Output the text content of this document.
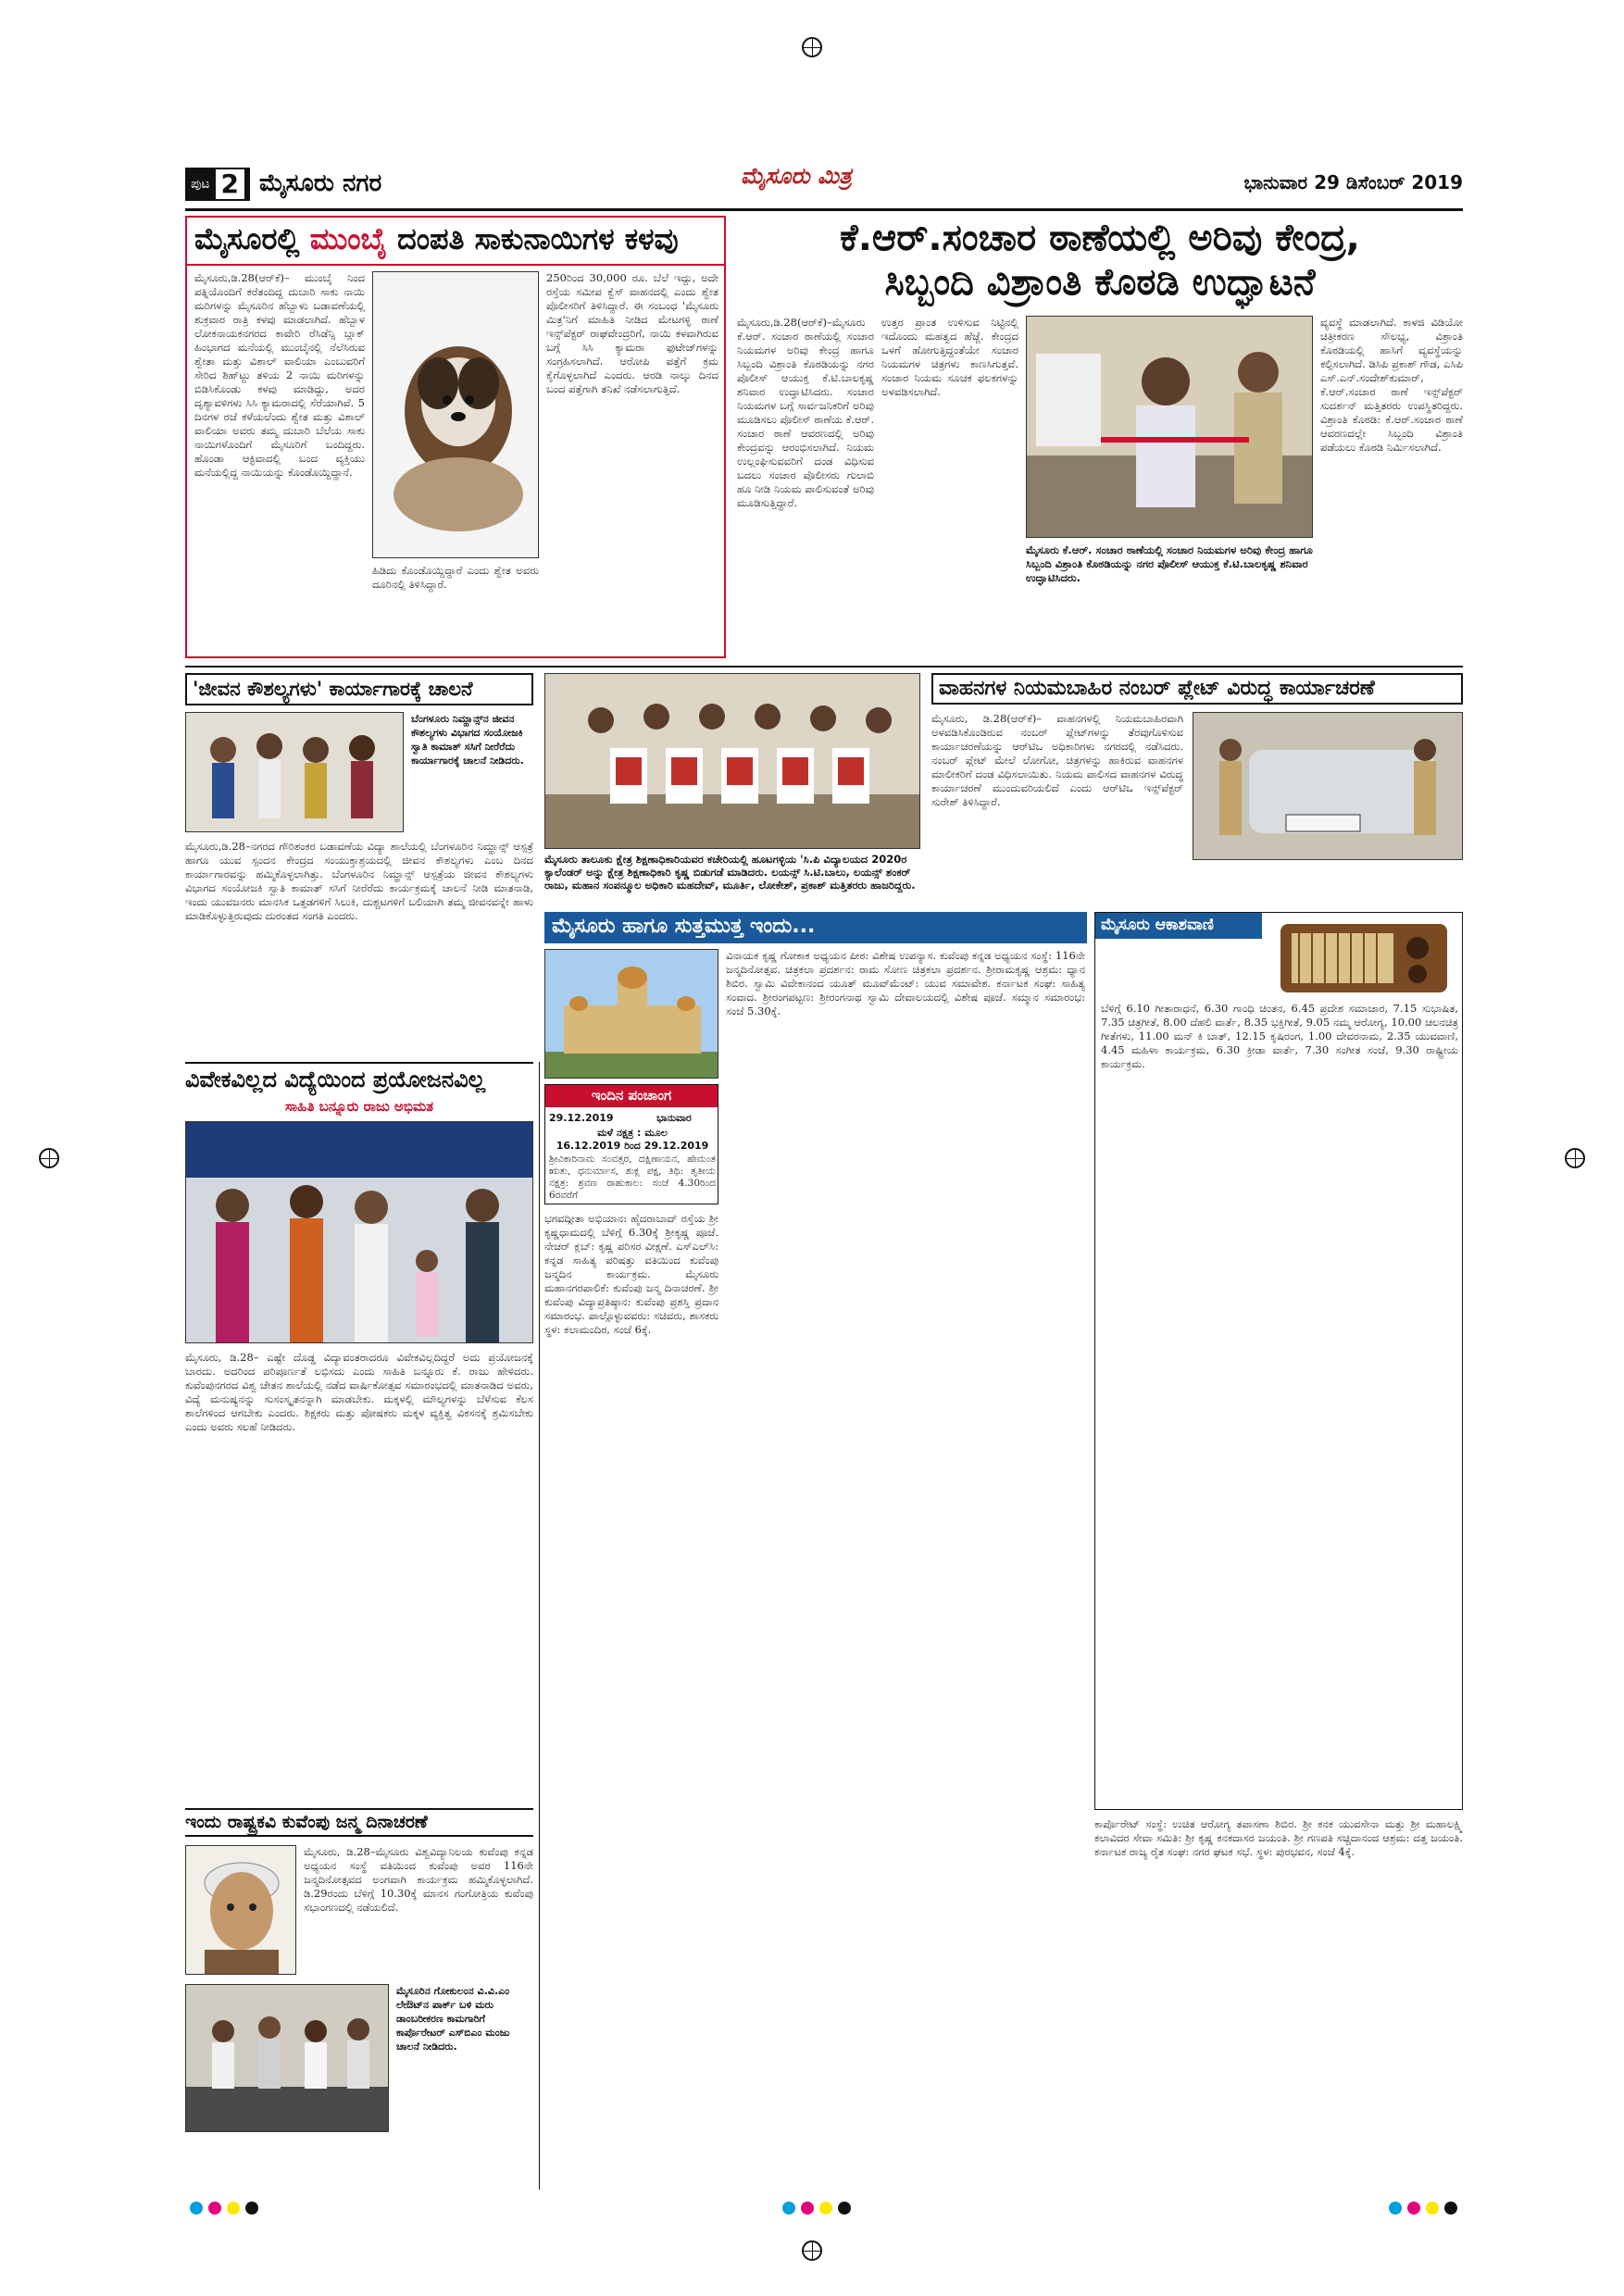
ಪುಟ 2 ಮೈಸೂರು ನಗರ	ಮೈಸೂರು ಮಿತ್ರ	ಭಾನುವಾರ 29 ಡಿಸೆಂಬರ್ 2019
ಮೈಸೂರಲ್ಲಿ ಮುಂಬೈ ದಂಪತಿ ಸಾಕುನಾಯಿಗಳ ಕಳವು
ಮೈಸೂರು,ಡಿ.28(ಆರ್‌ಕೆ)– ಮುಂಬೈ ನಿಂದ ಪತ್ನಿಯೊಂದಿಗೆ ಕರೆತಂದಿದ್ದ ದುಬಾರಿ ಸಾಕು ನಾಯಿ ಮರಿಗಳನ್ನು ಮೈಸೂರಿನ ಹೆಬ್ಬಾಳು ಬಡಾವಣೆಯಲ್ಲಿ ಶುಕ್ರವಾರ ರಾತ್ರಿ ಕಳವು ಮಾಡಲಾಗಿದೆ. ಹೆಬ್ಬಾಳ ಲೋಕನಾಯಕನಗರದ ಕಾವೇರಿ ರೆಸಿಡೆನ್ಸಿ ಬ್ಲಾಕ್ ಹಿಂಭಾಗದ ಮನೆಯಲ್ಲಿ ಮುಂಬೈನಲ್ಲಿ ನೆಲೆಸಿರುವ ಶ್ವೇತಾ ಮತ್ತು ವಿಶಾಲ್ ವಾಲಿಯಾ ಎಂಬುವರಿಗೆ ಸೇರಿದ ಶಿಹ್‌ಟ್ಜು ತಳಿಯ 2 ನಾಯಿ ಮರಿಗಳನ್ನು ಬಿಡಿಸಿಕೊಂಡು ಕಳವು ಮಾಡಿದ್ದು, ಅದರ ದೃಶ್ಯಾವಳಿಗಳು ಸಿಸಿ ಕ್ಯಾಮರಾದಲ್ಲಿ ಸೆರೆಯಾಗಿವೆ. 5 ದಿನಗಳ ರಜೆ ಕಳೆಯಲೆಂದು ಶ್ವೇತ ಮತ್ತು ವಿಶಾಲ್ ವಾಲಿಯಾ ಅವರು ತಮ್ಮ ದುಬಾರಿ ಬೆಲೆಯ ಸಾಕು ನಾಯಿಗಳೊಂದಿಗೆ ಮೈಸೂರಿಗೆ ಬಂದಿದ್ದರು. ಹೊಂಡಾ ಆಕ್ಟಿವಾದಲ್ಲಿ ಬಂದ ವ್ಯಕ್ತಿಯು ಮನೆಯಲ್ಲಿದ್ದ ನಾಯಿಯನ್ನು ಕೊಂಡೊಯ್ದಿದ್ದಾನೆ.
ಹಿಡಿದು ಕೊಂಡೊಯ್ದಿದ್ದಾರೆ ಎಂದು ಶ್ವೇತ ಅವರು ದೂರಿನಲ್ಲಿ ತಿಳಿಸಿದ್ದಾರೆ.
250ರಿಂದ 30,000 ರೂ. ಬೆಲೆ ಇದ್ದು, ಅದೇ ರಸ್ತೆಯ ಸಮೀಪ ಕ್ವೆಸ್ ವಾಹನದಲ್ಲಿ ಎಂದು ಶ್ವೇತ ಪೊಲೀಸರಿಗೆ ತಿಳಿಸಿದ್ದಾರೆ. ಈ ಸಂಬಂಧ 'ಮೈಸೂರು ಮಿತ್ರ'ನಿಗೆ ಮಾಹಿತಿ ನೀಡಿದ ಮೇಟಗಳ್ಳಿ ಠಾಣೆ ಇನ್ಸ್‌ಪೆಕ್ಟರ್ ರಾಘವೇಂದ್ರರಿಗೆ, ನಾಯಿ ಕಳವಾಗಿರುವ ಬಗ್ಗೆ ಸಿಸಿ ಕ್ಯಾಮರಾ ಫುಟೇಜ್‌ಗಳನ್ನು ಸಂಗ್ರಹಿಸಲಾಗಿದೆ. ಆರೋಪಿ ಪತ್ತೆಗೆ ಕ್ರಮ ಕೈಗೊಳ್ಳಲಾಗಿದೆ ಎಂದರು. ಆರಡಿ ನಾಲ್ಕು ದಿನದ ಬಂದ ಪತ್ತೆಗಾಗಿ ತನಿಖೆ ನಡೆಸಲಾಗುತ್ತಿದೆ.
ಕೆ.ಆರ್.ಸಂಚಾರ ಠಾಣೆಯಲ್ಲಿ ಅರಿವು ಕೇಂದ್ರ,
ಸಿಬ್ಬಂದಿ ವಿಶ್ರಾಂತಿ ಕೊಠಡಿ ಉದ್ಘಾಟನೆ
ಮೈಸೂರು,ಡಿ.28(ಆರ್‌ಕೆ)–ಮೈಸೂರು ಕೆ.ಆರ್. ಸಂಚಾರ ಠಾಣೆಯಲ್ಲಿ ಸಂಚಾರ ನಿಯಮಗಳ ಅರಿವು ಕೇಂದ್ರ ಹಾಗೂ ಸಿಬ್ಬಂದಿ ವಿಶ್ರಾಂತಿ ಕೊಠಡಿಯನ್ನು ನಗರ ಪೊಲೀಸ್ ಆಯುಕ್ತ ಕೆ.ಟಿ.ಬಾಲಕೃಷ್ಣ ಶನಿವಾರ ಉದ್ಘಾಟಿಸಿದರು. ಸಂಚಾರ ನಿಯಮಗಳ ಬಗ್ಗೆ ಸಾರ್ವಜನಿಕರಿಗೆ ಅರಿವು ಮೂಡಿಸಲು ಪೊಲೀಸ್ ಠಾಣೆಯ ಕೆ.ಆರ್. ಸಂಚಾರ ಠಾಣೆ ಆವರಣದಲ್ಲಿ ಅರಿವು ಕೇಂದ್ರವನ್ನು ಆರಂಭಿಸಲಾಗಿದೆ. ನಿಯಮ ಉಲ್ಲಂಘಿಸುವವರಿಗೆ ದಂಡ ವಿಧಿಸುವ ಬದಲು ಸಂಚಾರ ಪೊಲೀಸರು ಗುಲಾಬಿ ಹೂ ನೀಡಿ ನಿಯಮ ಪಾಲಿಸುವಂತೆ ಅರಿವು ಮೂಡಿಸುತ್ತಿದ್ದಾರೆ.
ಉತ್ತರ ಪ್ರಾಂತ ಉಳಿಸುವ ನಿಟ್ಟಿನಲ್ಲಿ ಇದೊಂದು ಮಹತ್ವದ ಹೆಜ್ಜೆ. ಕೇಂದ್ರದ ಒಳಗೆ ಹೋಗುತ್ತಿದ್ದಂತೆಯೇ ಸಂಚಾರ ನಿಯಮಗಳ ಚಿತ್ರಗಳು ಕಾಣಸಿಗುತ್ತವೆ. ಸಂಚಾರ ನಿಯಮ ಸೂಚಕ ಫಲಕಗಳನ್ನು ಅಳವಡಿಸಲಾಗಿದೆ.
ಮೈಸೂರು ಕೆ.ಆರ್. ಸಂಚಾರ ಠಾಣೆಯಲ್ಲಿ ಸಂಚಾರ ನಿಯಮಗಳ ಅರಿವು ಕೇಂದ್ರ ಹಾಗೂ ಸಿಬ್ಬಂದಿ ವಿಶ್ರಾಂತಿ ಕೊಠಡಿಯನ್ನು ನಗರ ಪೊಲೀಸ್ ಆಯುಕ್ತ ಕೆ.ಟಿ.ಬಾಲಕೃಷ್ಣ ಶನಿವಾರ ಉದ್ಘಾಟಿಸಿದರು.
ವ್ಯವಸ್ಥೆ ಮಾಡಲಾಗಿದೆ. ಕಾಳಜಿ ವಿಡಿಯೋ ಚಿತ್ರೀಕರಣ ಸೌಲಭ್ಯ, ವಿಶ್ರಾಂತಿ ಕೊಠಡಿಯಲ್ಲಿ ಹಾಸಿಗೆ ವ್ಯವಸ್ಥೆಯನ್ನು ಕಲ್ಪಿಸಲಾಗಿದೆ. ಡಿಸಿಪಿ ಪ್ರಕಾಶ್ ಗೌಡ, ಎಸಿಪಿ ಎಸ್.ಎನ್.ಸಂದೇಶ್‌ಕುಮಾರ್, ಕೆ.ಆರ್.ಸಂಚಾರ ಠಾಣೆ ಇನ್ಸ್‌ಪೆಕ್ಟರ್ ಸುದರ್ಶನ್ ಮತ್ತಿತರರು ಉಪಸ್ಥಿತರಿದ್ದರು. ವಿಶ್ರಾಂತಿ ಕೊಠಡಿ: ಕೆ.ಆರ್.ಸಂಚಾರ ಠಾಣೆ ಆವರಣದಲ್ಲೇ ಸಿಬ್ಬಂದಿ ವಿಶ್ರಾಂತಿ ಪಡೆಯಲು ಕೊಠಡಿ ನಿರ್ಮಿಸಲಾಗಿದೆ.
'ಜೀವನ ಕೌಶಲ್ಯಗಳು' ಕಾರ್ಯಾಗಾರಕ್ಕೆ ಚಾಲನೆ
ಬೆಂಗಳೂರು ನಿಮ್ಹಾನ್ಸ್‌ನ ಜೀವನ ಕೌಶಲ್ಯಗಳು ವಿಭಾಗದ ಸಂಯೋಜಕಿ ಸ್ವಾತಿ ಕಾಮಾತ್ ಸಸಿಗೆ ನೀರೆರೆದು ಕಾರ್ಯಾಗಾರಕ್ಕೆ ಚಾಲನೆ ನೀಡಿದರು.
ಮೈಸೂರು,ಡಿ.28–ನಗರದ ಗೌರಿಶಂಕರ ಬಡಾವಣೆಯ ವಿದ್ಯಾ ಶಾಲೆಯಲ್ಲಿ ಬೆಂಗಳೂರಿನ ನಿಮ್ಹಾನ್ಸ್ ಆಸ್ಪತ್ರೆ ಹಾಗೂ ಯುವ ಸ್ಪಂದನ ಕೇಂದ್ರದ ಸಂಯುಕ್ತಾಶ್ರಯದಲ್ಲಿ ಜೀವನ ಕೌಶಲ್ಯಗಳು ಎಂಬ ದಿನದ ಕಾರ್ಯಾಗಾರವನ್ನು ಹಮ್ಮಿಕೊಳ್ಳಲಾಗಿತ್ತು. ಬೆಂಗಳೂರಿನ ನಿಮ್ಹಾನ್ಸ್ ಆಸ್ಪತ್ರೆಯ ಜೀವನ ಕೌಶಲ್ಯಗಳು ವಿಭಾಗದ ಸಂಯೋಜಕಿ ಸ್ವಾತಿ ಕಾಮಾತ್ ಸಸಿಗೆ ನೀರೆರೆದು ಕಾರ್ಯಕ್ರಮಕ್ಕೆ ಚಾಲನೆ ನೀಡಿ ಮಾತನಾಡಿ, ಇಂದು ಯುವಜನರು ಮಾನಸಿಕ ಒತ್ತಡಗಳಿಗೆ ಸಿಲುಕಿ, ದುಶ್ಚಟಗಳಿಗೆ ಬಲಿಯಾಗಿ ತಮ್ಮ ಜೀವನವನ್ನೇ ಹಾಳು ಮಾಡಿಕೊಳ್ಳುತ್ತಿರುವುದು ದುರಂತದ ಸಂಗತಿ ಎಂದರು.
ಮೈಸೂರು ತಾಲೂಕು ಕ್ಷೇತ್ರ ಶಿಕ್ಷಣಾಧಿಕಾರಿಯವರ ಕಚೇರಿಯಲ್ಲಿ ಹೂಟಗಳ್ಳಿಯ 'ಸಿ.ಪಿ ವಿದ್ಯಾಲಯದ 2020ರ ಕ್ಯಾಲೆಂಡರ್ ಅನ್ನು ಕ್ಷೇತ್ರ ಶಿಕ್ಷಣಾಧಿಕಾರಿ ಕೃಷ್ಣ ಬಿಡುಗಡೆ ಮಾಡಿದರು. ಲಯನ್ಸ್ ಸಿ.ಟಿ.ಬಾಲು, ಲಯನ್ಸ್ ಶಂಕರ್ ರಾಜು, ಮಹಾನ ಸಂಪನ್ಮೂಲ ಅಧಿಕಾರಿ ಮಹದೇವ್, ಮೂರ್ತಿ, ಲೋಕೇಶ್, ಪ್ರಕಾಶ್ ಮತ್ತಿತರರು ಹಾಜರಿದ್ದರು.
ವಾಹನಗಳ ನಿಯಮಬಾಹಿರ ನಂಬರ್ ಪ್ಲೇಟ್ ವಿರುದ್ಧ ಕಾರ್ಯಾಚರಣೆ
ಮೈಸೂರು, ಡಿ.28(ಆರ್‌ಕೆ)– ವಾಹನಗಳಲ್ಲಿ ನಿಯಮಬಾಹಿರವಾಗಿ ಅಳವಡಿಸಿಕೊಂಡಿರುವ ನಂಬರ್ ಪ್ಲೇಟ್‌ಗಳನ್ನು ತೆರವುಗೊಳಿಸುವ ಕಾರ್ಯಾಚರಣೆಯನ್ನು ಆರ್‌ಟಿಒ ಅಧಿಕಾರಿಗಳು ನಗರದಲ್ಲಿ ನಡೆಸಿದರು. ನಂಬರ್ ಪ್ಲೇಟ್ ಮೇಲೆ ಲೋಗೋ, ಚಿತ್ರಗಳನ್ನು ಹಾಕಿರುವ ವಾಹನಗಳ ಮಾಲೀಕರಿಗೆ ದಂಡ ವಿಧಿಸಲಾಯಿತು. ನಿಯಮ ಪಾಲಿಸದ ವಾಹನಗಳ ವಿರುದ್ಧ ಕಾರ್ಯಾಚರಣೆ ಮುಂದುವರಿಯಲಿದೆ ಎಂದು ಆರ್‌ಟಿಒ ಇನ್ಸ್‌ಪೆಕ್ಟರ್ ಸುರೇಶ್ ತಿಳಿಸಿದ್ದಾರೆ.
ವಿವೇಕವಿಲ್ಲದ ವಿದ್ಯೆಯಿಂದ ಪ್ರಯೋಜನವಿಲ್ಲ
ಸಾಹಿತಿ ಬನ್ನೂರು ರಾಜು ಅಭಿಮತ
ಮೈಸೂರು, ಡಿ.28– ಎಷ್ಟೇ ದೊಡ್ಡ ವಿದ್ಯಾವಂತರಾದರೂ ವಿವೇಕವಿಲ್ಲದಿದ್ದರೆ ಅದು ಪ್ರಯೋಜನಕ್ಕೆ ಬಾರದು. ಅದರಿಂದ ಪರಿಪೂರ್ಣತೆ ಲಭಿಸದು ಎಂದು ಸಾಹಿತಿ ಬನ್ನೂರು ಕೆ. ರಾಜು ಹೇಳಿದರು. ಕುವೆಂಪುನಗರದ ವಿಶ್ವ ಚೇತನ ಶಾಲೆಯಲ್ಲಿ ನಡೆದ ವಾರ್ಷಿಕೋತ್ಸವ ಸಮಾರಂಭದಲ್ಲಿ ಮಾತನಾಡಿದ ಅವರು, ವಿದ್ಯೆ ಮನುಷ್ಯನನ್ನು ಸುಸಂಸ್ಕೃತನನ್ನಾಗಿ ಮಾಡಬೇಕು. ಮಕ್ಕಳಲ್ಲಿ ಮೌಲ್ಯಗಳನ್ನು ಬೆಳೆಸುವ ಕೆಲಸ ಶಾಲೆಗಳಿಂದ ಆಗಬೇಕು ಎಂದರು. ಶಿಕ್ಷಕರು ಮತ್ತು ಪೋಷಕರು ಮಕ್ಕಳ ವ್ಯಕ್ತಿತ್ವ ವಿಕಸನಕ್ಕೆ ಶ್ರಮಿಸಬೇಕು ಎಂದು ಅವರು ಸಲಹೆ ನೀಡಿದರು.
ಇಂದು ರಾಷ್ಟ್ರಕವಿ ಕುವೆಂಪು ಜನ್ಮ ದಿನಾಚರಣೆ
ಮೈಸೂರು, ಡಿ.28–ಮೈಸೂರು ವಿಶ್ವವಿದ್ಯಾನಿಲಯ ಕುವೆಂಪು ಕನ್ನಡ ಅಧ್ಯಯನ ಸಂಸ್ಥೆ ವತಿಯಿಂದ ಕುವೆಂಪು ಅವರ 116ನೇ ಜನ್ಮದಿನೋತ್ಸವದ ಅಂಗವಾಗಿ ಕಾರ್ಯಕ್ರಮ ಹಮ್ಮಿಕೊಳ್ಳಲಾಗಿದೆ. ಡಿ.29ರಂದು ಬೆಳಿಗ್ಗೆ 10.30ಕ್ಕೆ ಮಾನಸ ಗಂಗೋತ್ರಿಯ ಕುವೆಂಪು ಸಭಾಂಗಣದಲ್ಲಿ ನಡೆಯಲಿದೆ.
ಮೈಸೂರಿನ ಗೋಕುಲಂನ ವಿ.ವಿ.ಎಂ ಲೇಔಟ್‌ನ ಪಾರ್ಕ್ ಬಳಿ ಮರು ಡಾಂಬರೀಕರಣ ಕಾಮಗಾರಿಗೆ ಕಾರ್ಪೊರೇಟರ್ ಎಸ್‌ಬಿಎಂ ಮಂಜು ಚಾಲನೆ ನೀಡಿದರು.
ಮೈಸೂರು ಹಾಗೂ ಸುತ್ತಮುತ್ತ ಇಂದು...
ಇಂದಿನ ಪಂಚಾಂಗ
29.12.2019	ಭಾನುವಾರ
ಮಳೆ ನಕ್ಷತ್ರ : ಮೂಲ
16.12.2019 ರಿಂದ 29.12.2019
ಶ್ರೀವಿಕಾರಿನಾಮ ಸಂವತ್ಸರ, ದಕ್ಷಿಣಾಯನ, ಹೇಮಂತ ಋತು, ಧನುರ್ಮಾಸ, ಶುಕ್ಲ ಪಕ್ಷ, ತಿಥಿ: ತೃತೀಯ ನಕ್ಷತ್ರ: ಶ್ರವಣ ರಾಹುಕಾಲ: ಸಂಜೆ 4.30ರಿಂದ 6ರವರೆಗೆ
ಭಗವದ್ಗೀತಾ ಅಭಿಯಾನ: ಹೈದರಾಬಾದ್ ರಸ್ತೆಯ ಶ್ರೀ ಕೃಷ್ಣಧಾಮದಲ್ಲಿ ಬೆಳಿಗ್ಗೆ 6.30ಕ್ಕೆ ಶ್ರೀಕೃಷ್ಣ ಪೂಜೆ. ನೇಚರ್ ಕ್ಲಬ್: ಕೃಷ್ಣ ಪರಿಸರ ವೀಕ್ಷಣೆ. ಎಸ್‌ಎಲ್‌ಸಿ: ಕನ್ನಡ ಸಾಹಿತ್ಯ ಪರಿಷತ್ತು ವತಿಯಿಂದ ಕುವೆಂಪು ಜನ್ಮದಿನ ಕಾರ್ಯಕ್ರಮ. ಮೈಸೂರು ಮಹಾನಗರಪಾಲಿಕೆ: ಕುವೆಂಪು ಜನ್ಮ ದಿನಾಚರಣೆ. ಶ್ರೀ ಕುವೆಂಪು ವಿದ್ಯಾಪ್ರತಿಷ್ಠಾನ: ಕುವೆಂಪು ಪ್ರಶಸ್ತಿ ಪ್ರದಾನ ಸಮಾರಂಭ. ಪಾಲ್ಗೊಳ್ಳುವವರು: ಸಚಿವರು, ಶಾಸಕರು ಸ್ಥಳ: ಕಲಾಮಂದಿರ, ಸಂಜೆ 6ಕ್ಕೆ.
ವಿನಾಯಕ ಕೃಷ್ಣ ಗೋಕಾಕ ಅಧ್ಯಯನ ಪೀಠ: ವಿಶೇಷ ಉಪನ್ಯಾಸ. ಕುವೆಂಪು ಕನ್ನಡ ಅಧ್ಯಯನ ಸಂಸ್ಥೆ: 116ನೇ ಜನ್ಮದಿನೋತ್ಸವ. ಚಿತ್ರಕಲಾ ಪ್ರದರ್ಶನ: ರಾಮ ಸೋಣ ಚಿತ್ರಕಲಾ ಪ್ರದರ್ಶನ. ಶ್ರೀರಾಮಕೃಷ್ಣ ಆಶ್ರಮ: ಧ್ಯಾನ ಶಿಬಿರ. ಸ್ವಾಮಿ ವಿವೇಕಾನಂದ ಯೂತ್ ಮೂವ್‌ಮೆಂಟ್: ಯುವ ಸಮಾವೇಶ. ಕರ್ನಾಟಕ ಸಂಘ: ಸಾಹಿತ್ಯ ಸಂವಾದ. ಶ್ರೀರಂಗಪಟ್ಟಣ: ಶ್ರೀರಂಗನಾಥ ಸ್ವಾಮಿ ದೇವಾಲಯದಲ್ಲಿ ವಿಶೇಷ ಪೂಜೆ. ಸಮ್ಮಾನ ಸಮಾರಂಭ: ಸಂಜೆ 5.30ಕ್ಕೆ.
ಮೈಸೂರು ಆಕಾಶವಾಣಿ
ಬೆಳಿಗ್ಗೆ 6.10 ಗೀತಾರಾಧನೆ, 6.30 ಗಾಂಧಿ ಚಿಂತನ, 6.45 ಪ್ರದೇಶ ಸಮಾಚಾರ, 7.15 ಸುಭಾಷಿತ, 7.35 ಚಿತ್ರಗೀತೆ, 8.00 ದೆಹಲಿ ವಾರ್ತೆ, 8.35 ಭಕ್ತಿಗೀತೆ, 9.05 ನಮ್ಮ ಆರೋಗ್ಯ, 10.00 ಚಲನಚಿತ್ರ ಗೀತೆಗಳು, 11.00 ಮನ್ ಕಿ ಬಾತ್, 12.15 ಕೃಷಿರಂಗ, 1.00 ದೇವರನಾಮ, 2.35 ಯುವವಾಣಿ, 4.45 ಮಹಿಳಾ ಕಾರ್ಯಕ್ರಮ, 6.30 ಕ್ರೀಡಾ ವಾರ್ತೆ, 7.30 ಸಂಗೀತ ಸಂಜೆ, 9.30 ರಾಷ್ಟ್ರೀಯ ಕಾರ್ಯಕ್ರಮ.
ಕಾರ್ಪೊರೇಟ್ ಸಂಸ್ಥೆ: ಉಚಿತ ಆರೋಗ್ಯ ತಪಾಸಣಾ ಶಿಬಿರ. ಶ್ರೀ ಕನಕ ಯುವಸೇನಾ ಮತ್ತು ಶ್ರೀ ಮಹಾಲಕ್ಷ್ಮಿ ಕಲಾವಿದರ ಸೇವಾ ಸಮಿತಿ: ಶ್ರೀ ಕೃಷ್ಣ ಕನಕದಾಸರ ಜಯಂತಿ. ಶ್ರೀ ಗಣಪತಿ ಸಚ್ಚಿದಾನಂದ ಆಶ್ರಮ: ದತ್ತ ಜಯಂತಿ. ಕರ್ನಾಟಕ ರಾಜ್ಯ ರೈತ ಸಂಘ: ನಗರ ಘಟಕ ಸಭೆ. ಸ್ಥಳ: ಪುರಭವನ, ಸಂಜೆ 4ಕ್ಕೆ.
